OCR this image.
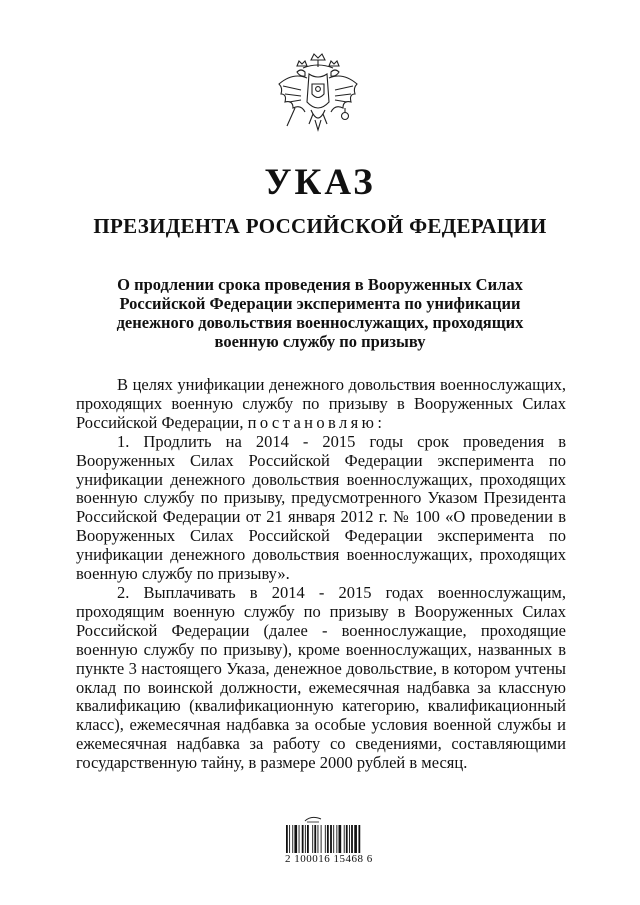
УКАЗ
ПРЕЗИДЕНТА РОССИЙСКОЙ ФЕДЕРАЦИИ
О продлении срока проведения в Вооруженных Силах
Российской Федерации эксперимента по унификации
денежного довольствия военнослужащих, проходящих
военную службу по призыву

В целях унификации денежного довольствия военнослужащих, проходящих военную службу по призыву в Вооруженных Силах Российской Федерации, постановляю:

1. Продлить на 2014 - 2015 годы срок проведения в Вооруженных Силах Российской Федерации эксперимента по унификации денежного довольствия военнослужащих, проходящих военную службу по призыву, предусмотренного Указом Президента Российской Федерации от 21 января 2012 г. № 100 «О проведении в Вооруженных Силах Российской Федерации эксперимента по унификации денежного довольствия военнослужащих, проходящих военную службу по призыву».

2. Выплачивать в 2014 - 2015 годах военнослужащим, проходящим военную службу по призыву в Вооруженных Силах Российской Федерации (далее - военнослужащие, проходящие военную службу по призыву), кроме военнослужащих, названных в пункте 3 настоящего Указа, денежное довольствие, в котором учтены оклад по воинской должности, ежемесячная надбавка за классную квалификацию (квалификационную категорию, квалификационный класс), ежемесячная надбавка за особые условия военной службы и ежемесячная надбавка за работу со сведениями, составляющими государственную тайну, в размере 2000 рублей в месяц.

2 100016 15468 6
